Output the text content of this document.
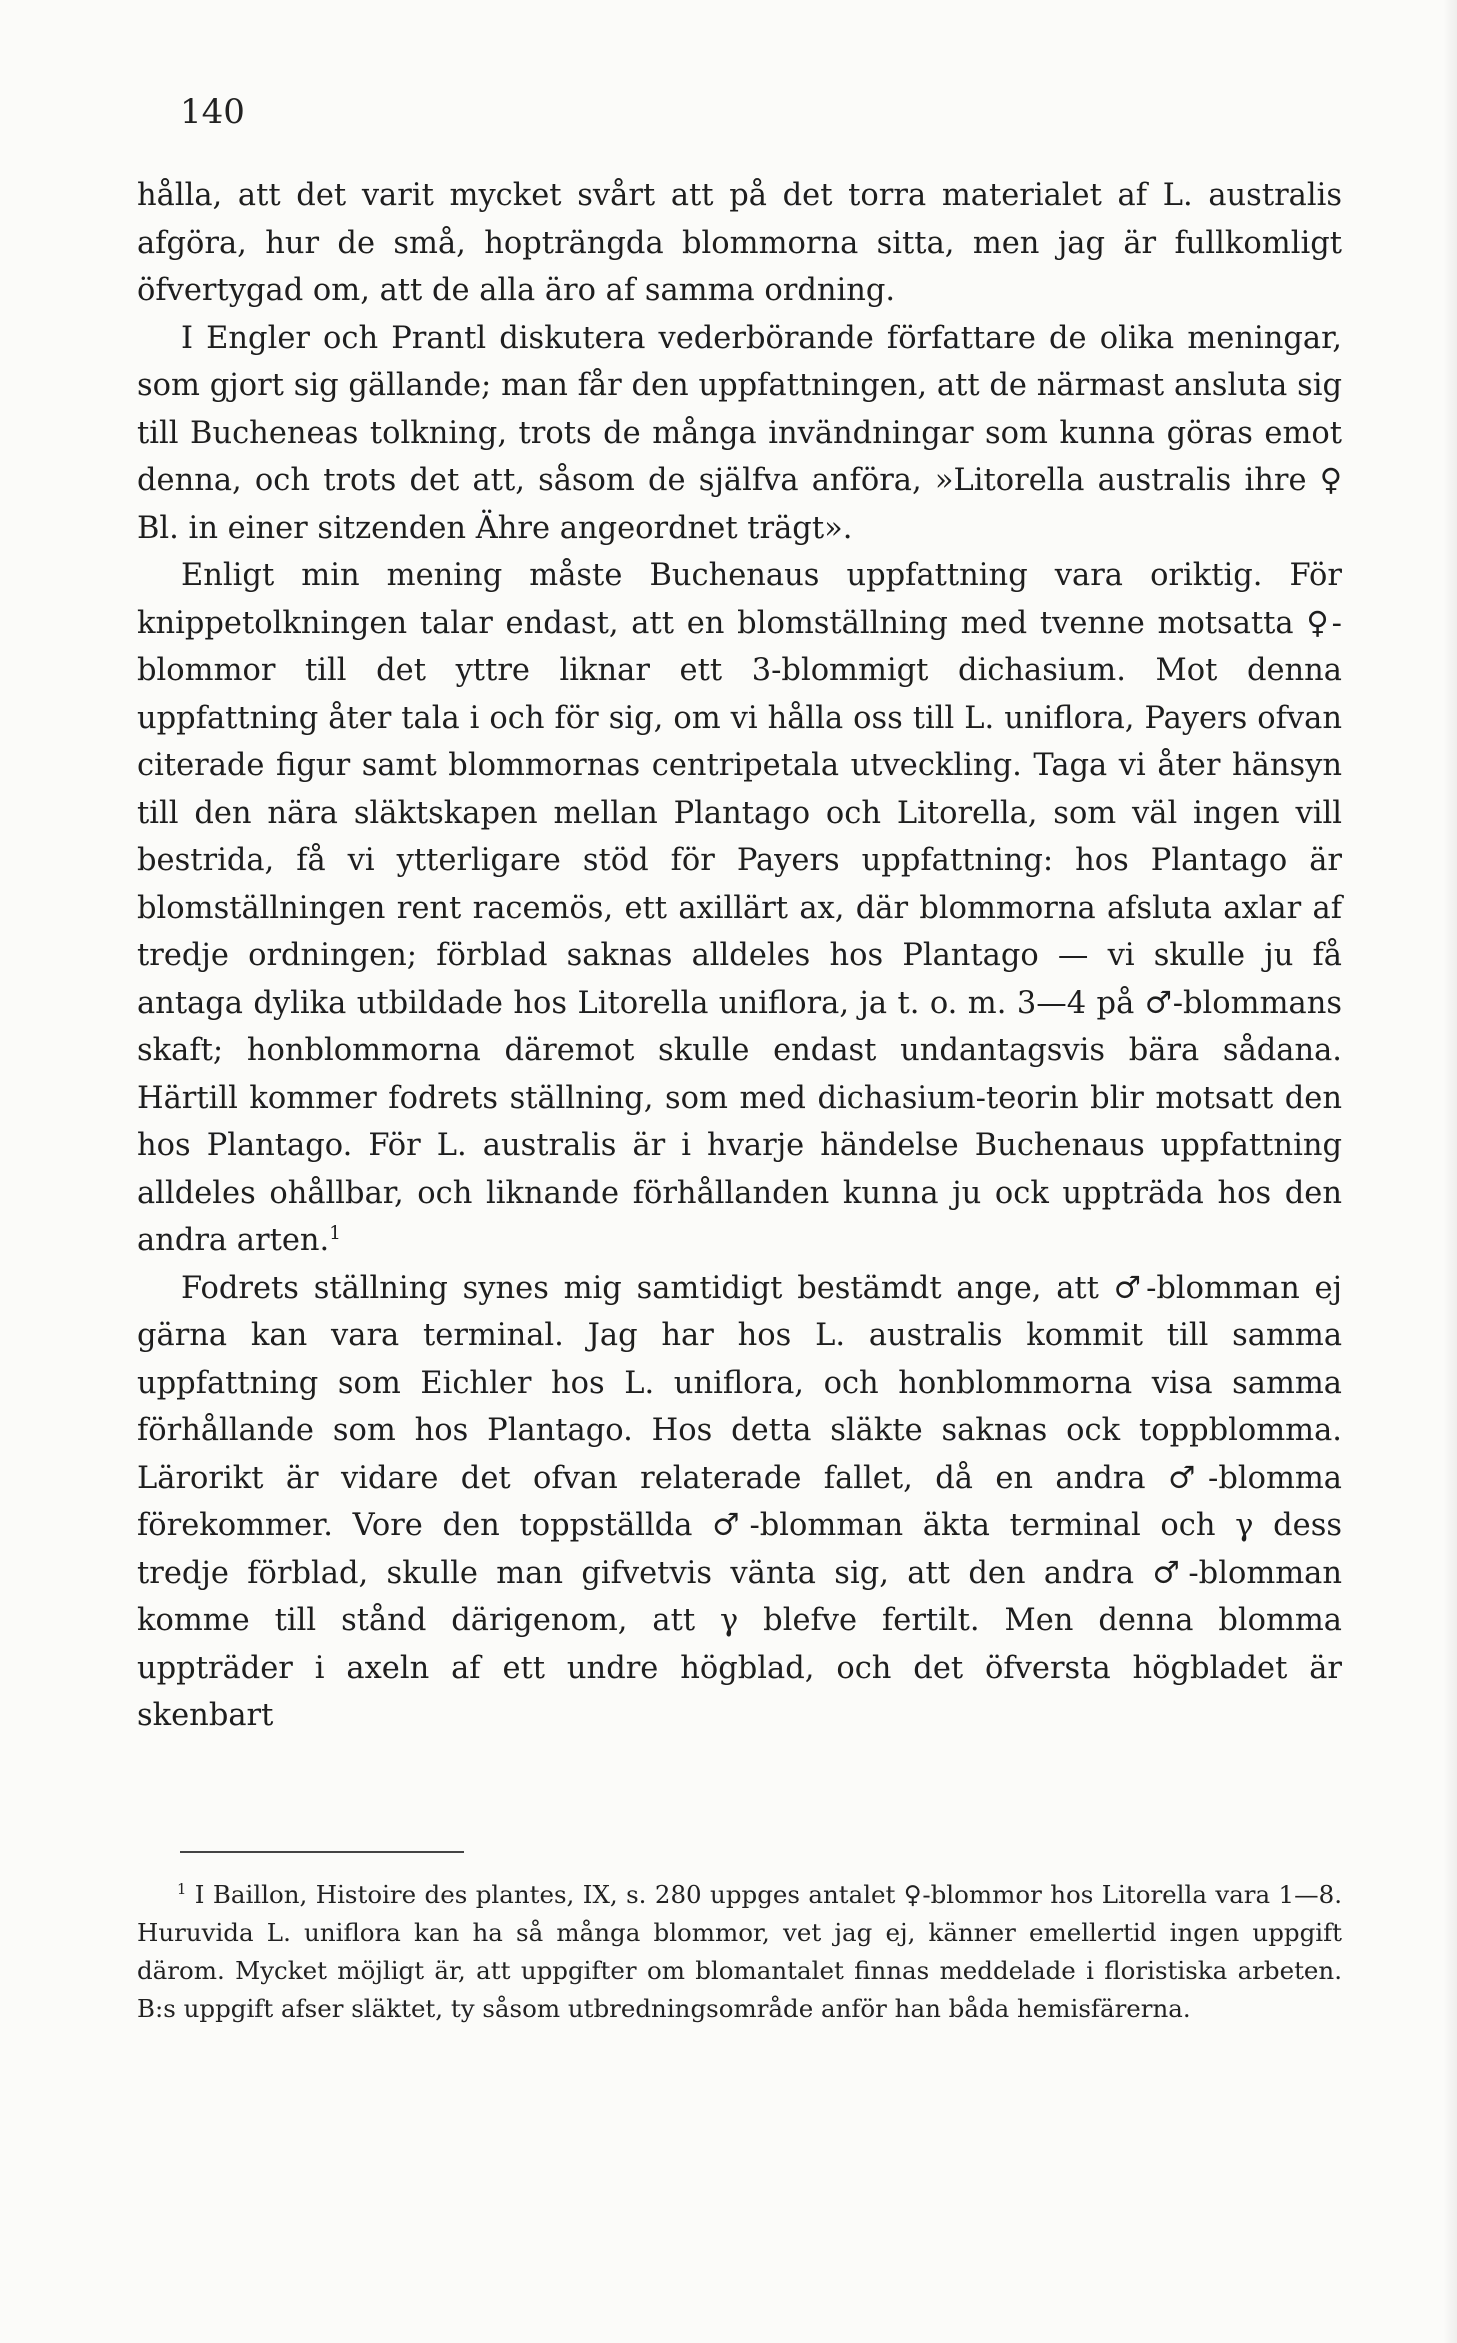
140

hålla, att det varit mycket svårt att på det torra materialet af L. australis afgöra, hur de små, hopträngda blommorna sitta, men jag är fullkomligt öfvertygad om, att de alla äro af samma ordning.

I Engler och Prantl diskutera vederbörande författare de olika meningar, som gjort sig gällande; man får den uppfattningen, att de närmast ansluta sig till Bucheneas tolkning, trots de många invändningar som kunna göras emot denna, och trots det att, såsom de själfva anföra, »Litorella australis ihre ♀ Bl. in einer sitzenden Ähre angeordnet trägt».

Enligt min mening måste Buchenaus uppfattning vara oriktig. För knippetolkningen talar endast, att en blomställning med tvenne motsatta ♀-blommor till det yttre liknar ett 3-blommigt dichasium. Mot denna uppfattning åter tala i och för sig, om vi hålla oss till L. uniflora, Payers ofvan citerade figur samt blommornas centripetala utveckling. Taga vi åter hänsyn till den nära släktskapen mellan Plantago och Litorella, som väl ingen vill bestrida, få vi ytterligare stöd för Payers uppfattning: hos Plantago är blomställningen rent racemös, ett axillärt ax, där blommorna afsluta axlar af tredje ordningen; förblad saknas alldeles hos Plantago — vi skulle ju få antaga dylika utbildade hos Litorella uniflora, ja t. o. m. 3—4 på ♂-blommans skaft; honblommorna däremot skulle endast undantagsvis bära sådana. Härtill kommer fodrets ställning, som med dichasium-teorin blir motsatt den hos Plantago. För L. australis är i hvarje händelse Buchenaus uppfattning alldeles ohållbar, och liknande förhållanden kunna ju ock uppträda hos den andra arten.$^1$

Fodrets ställning synes mig samtidigt bestämdt ange, att ♂-blomman ej gärna kan vara terminal. Jag har hos L. australis kommit till samma uppfattning som Eichler hos L. uniflora, och honblommorna visa samma förhållande som hos Plantago. Hos detta släkte saknas ock toppblomma. Lärorikt är vidare det ofvan relaterade fallet, då en andra ♂-blomma förekommer. Vore den toppställda ♂-blomman äkta terminal och γ dess tredje förblad, skulle man gifvetvis vänta sig, att den andra ♂-blomman komme till stånd därigenom, att γ blefve fertilt. Men denna blomma uppträder i axeln af ett undre högblad, och det öfversta högbladet är skenbart

$^1$ I Baillon, Histoire des plantes, IX, s. 280 uppges antalet ♀-blommor hos Litorella vara 1—8. Huruvida L. uniflora kan ha så många blommor, vet jag ej, känner emellertid ingen uppgift därom. Mycket möjligt är, att uppgifter om blomantalet finnas meddelade i floristiska arbeten. B:s uppgift afser släktet, ty såsom utbredningsområde anför han båda hemisfärerna.
